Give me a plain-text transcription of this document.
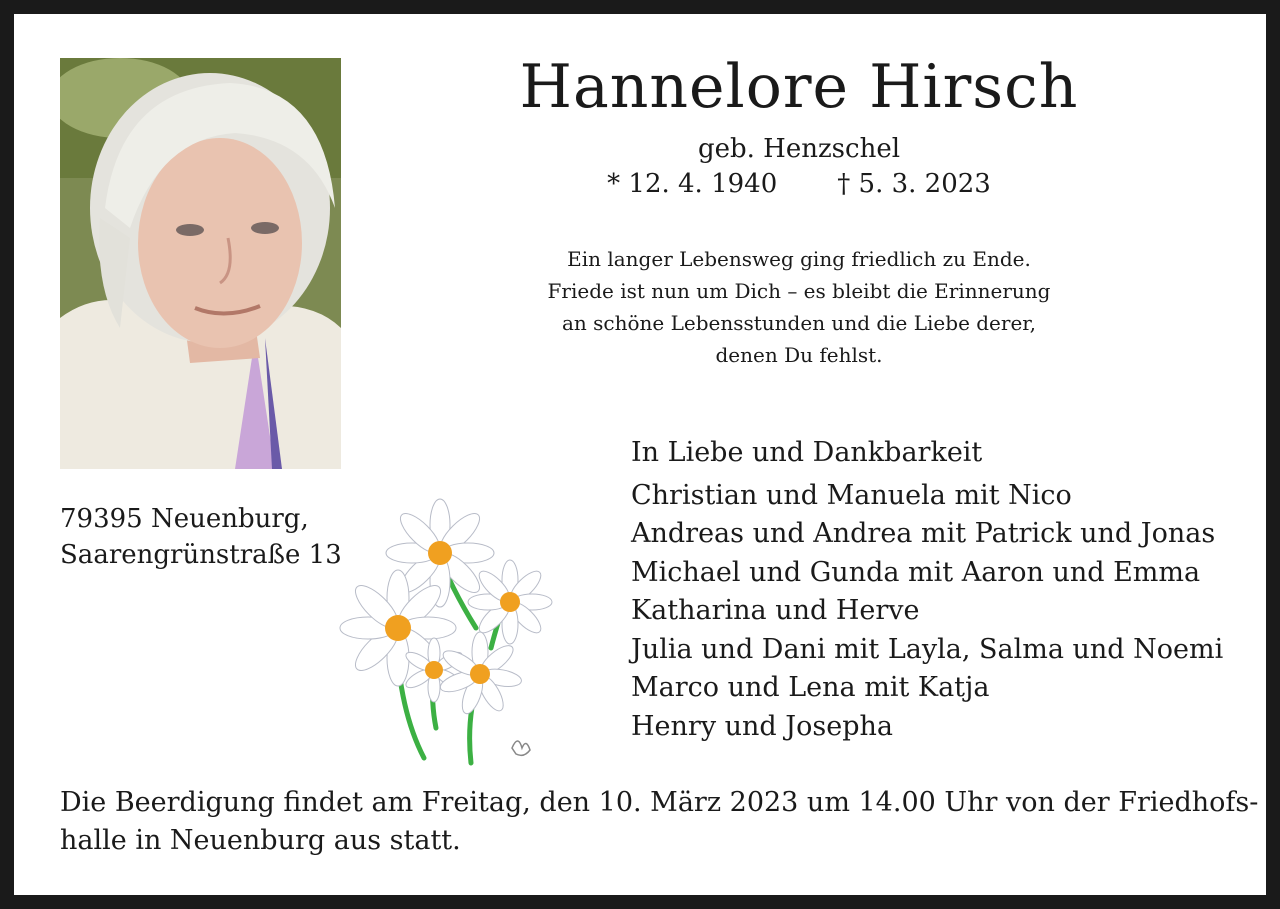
Hannelore Hirsch
geb. Henzschel
* 12. 4. 1940 † 5. 3. 2023
Ein langer Lebensweg ging friedlich zu Ende.
Friede ist nun um Dich – es bleibt die Erinnerung
an schöne Lebensstunden und die Liebe derer,
denen Du fehlst.
79395 Neuenburg,
Saarengrünstraße 13
In Liebe und Dankbarkeit
Christian und Manuela mit Nico
Andreas und Andrea mit Patrick und Jonas
Michael und Gunda mit Aaron und Emma
Katharina und Herve
Julia und Dani mit Layla, Salma und Noemi
Marco und Lena mit Katja
Henry und Josepha
Die Beerdigung findet am Freitag, den 10. März 2023 um 14.00 Uhr von der Friedhofs-
halle in Neuenburg aus statt.
